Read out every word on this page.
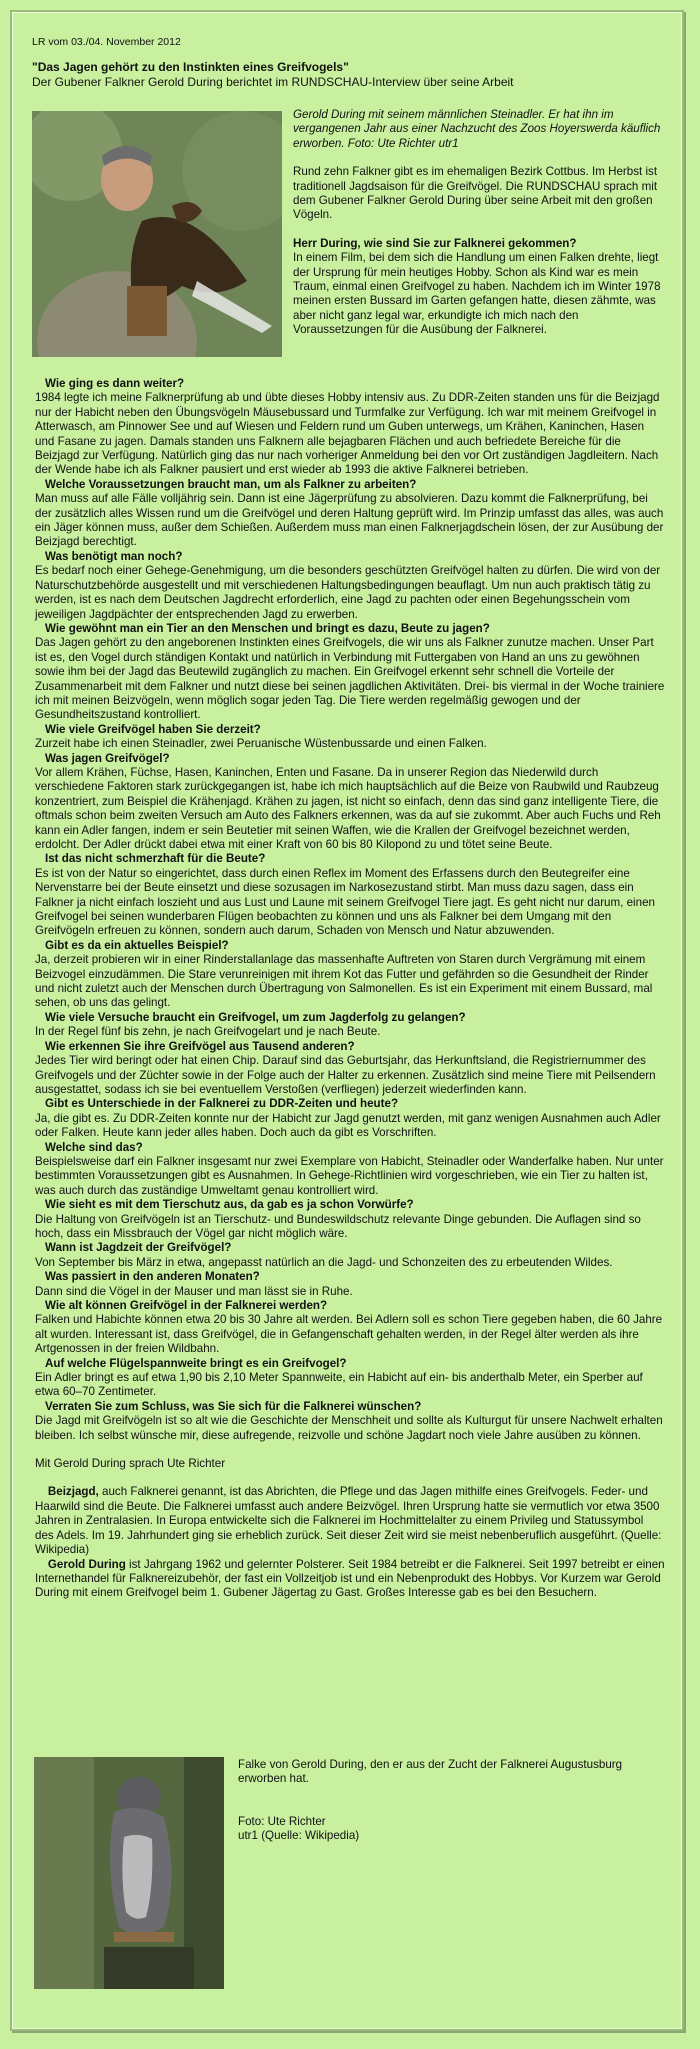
LR vom 03./04. November 2012
"Das Jagen gehört zu den Instinkten eines Greifvogels"
Der Gubener Falkner Gerold During berichtet im RUNDSCHAU-Interview über seine Arbeit

Gerold During mit seinem männlichen Steinadler. Er hat ihn im vergangenen Jahr aus einer Nachzucht des Zoos Hoyerswerda käuflich erworben. Foto: Ute Richter utr1

Rund zehn Falkner gibt es im ehemaligen Bezirk Cottbus. Im Herbst ist traditionell Jagdsaison für die Greifvögel. Die RUNDSCHAU sprach mit dem Gubener Falkner Gerold During über seine Arbeit mit den großen Vögeln.

Herr During, wie sind Sie zur Falknerei gekommen?
In einem Film, bei dem sich die Handlung um einen Falken drehte, liegt der Ursprung für mein heutiges Hobby. Schon als Kind war es mein Traum, einmal einen Greifvogel zu haben. Nachdem ich im Winter 1978 meinen ersten Bussard im Garten gefangen hatte, diesen zähmte, was aber nicht ganz legal war, erkundigte ich mich nach den Voraussetzungen für die Ausübung der Falknerei.
Wie ging es dann weiter?

1984 legte ich meine Falknerprüfung ab und übte dieses Hobby intensiv aus. Zu DDR-Zeiten standen uns für die Beizjagd nur der Habicht neben den Übungsvögeln Mäusebussard und Turmfalke zur Verfügung. Ich war mit meinem Greifvogel in Atterwasch, am Pinnower See und auf Wiesen und Feldern rund um Guben unterwegs, um Krähen, Kaninchen, Hasen und Fasane zu jagen. Damals standen uns Falknern alle bejagbaren Flächen und auch befriedete Bereiche für die Beizjagd zur Verfügung. Natürlich ging das nur nach vorheriger Anmeldung bei den vor Ort zuständigen Jagdleitern. Nach der Wende habe ich als Falkner pausiert und erst wieder ab 1993 die aktive Falknerei betrieben.

Welche Voraussetzungen braucht man, um als Falkner zu arbeiten?

Man muss auf alle Fälle volljährig sein. Dann ist eine Jägerprüfung zu absolvieren. Dazu kommt die Falknerprüfung, bei der zusätzlich alles Wissen rund um die Greifvögel und deren Haltung geprüft wird. Im Prinzip umfasst das alles, was auch ein Jäger können muss, außer dem Schießen. Außerdem muss man einen Falknerjagdschein lösen, der zur Ausübung der Beizjagd berechtigt.

Was benötigt man noch?

Es bedarf noch einer Gehege-Genehmigung, um die besonders geschützten Greifvögel halten zu dürfen. Die wird von der Naturschutzbehörde ausgestellt und mit verschiedenen Haltungsbedingungen beauflagt. Um nun auch praktisch tätig zu werden, ist es nach dem Deutschen Jagdrecht erforderlich, eine Jagd zu pachten oder einen Begehungsschein vom jeweiligen Jagdpächter der entsprechenden Jagd zu erwerben.

Wie gewöhnt man ein Tier an den Menschen und bringt es dazu, Beute zu jagen?

Das Jagen gehört zu den angeborenen Instinkten eines Greifvogels, die wir uns als Falkner zunutze machen. Unser Part ist es, den Vogel durch ständigen Kontakt und natürlich in Verbindung mit Futtergaben von Hand an uns zu gewöhnen sowie ihm bei der Jagd das Beutewild zugänglich zu machen. Ein Greifvogel erkennt sehr schnell die Vorteile der Zusammenarbeit mit dem Falkner und nutzt diese bei seinen jagdlichen Aktivitäten. Drei- bis viermal in der Woche trainiere ich mit meinen Beizvögeln, wenn möglich sogar jeden Tag. Die Tiere werden regelmäßig gewogen und der Gesundheitszustand kontrolliert.

Wie viele Greifvögel haben Sie derzeit?

Zurzeit habe ich einen Steinadler, zwei Peruanische Wüstenbussarde und einen Falken.

Was jagen Greifvögel?

Vor allem Krähen, Füchse, Hasen, Kaninchen, Enten und Fasane. Da in unserer Region das Niederwild durch verschiedene Faktoren stark zurückgegangen ist, habe ich mich hauptsächlich auf die Beize von Raubwild und Raubzeug konzentriert, zum Beispiel die Krähenjagd. Krähen zu jagen, ist nicht so einfach, denn das sind ganz intelligente Tiere, die oftmals schon beim zweiten Versuch am Auto des Falkners erkennen, was da auf sie zukommt. Aber auch Fuchs und Reh kann ein Adler fangen, indem er sein Beutetier mit seinen Waffen, wie die Krallen der Greifvogel bezeichnet werden, erdolcht. Der Adler drückt dabei etwa mit einer Kraft von 60 bis 80 Kilopond zu und tötet seine Beute.

Ist das nicht schmerzhaft für die Beute?

Es ist von der Natur so eingerichtet, dass durch einen Reflex im Moment des Erfassens durch den Beutegreifer eine Nervenstarre bei der Beute einsetzt und diese sozusagen im Narkosezustand stirbt. Man muss dazu sagen, dass ein Falkner ja nicht einfach loszieht und aus Lust und Laune mit seinem Greifvogel Tiere jagt. Es geht nicht nur darum, einen Greifvogel bei seinen wunderbaren Flügen beobachten zu können und uns als Falkner bei dem Umgang mit den Greifvögeln erfreuen zu können, sondern auch darum, Schaden von Mensch und Natur abzuwenden.

Gibt es da ein aktuelles Beispiel?

Ja, derzeit probieren wir in einer Rinderstallanlage das massenhafte Auftreten von Staren durch Vergrämung mit einem Beizvogel einzudämmen. Die Stare verunreinigen mit ihrem Kot das Futter und gefährden so die Gesundheit der Rinder und nicht zuletzt auch der Menschen durch Übertragung von Salmonellen. Es ist ein Experiment mit einem Bussard, mal sehen, ob uns das gelingt.

Wie viele Versuche braucht ein Greifvogel, um zum Jagderfolg zu gelangen?

In der Regel fünf bis zehn, je nach Greifvogelart und je nach Beute.

Wie erkennen Sie ihre Greifvögel aus Tausend anderen?

Jedes Tier wird beringt oder hat einen Chip. Darauf sind das Geburtsjahr, das Herkunftsland, die Registriernummer des Greifvogels und der Züchter sowie in der Folge auch der Halter zu erkennen. Zusätzlich sind meine Tiere mit Peilsendern ausgestattet, sodass ich sie bei eventuellem Verstoßen (verfliegen) jederzeit wiederfinden kann.

Gibt es Unterschiede in der Falknerei zu DDR-Zeiten und heute?

Ja, die gibt es. Zu DDR-Zeiten konnte nur der Habicht zur Jagd genutzt werden, mit ganz wenigen Ausnahmen auch Adler oder Falken. Heute kann jeder alles haben. Doch auch da gibt es Vorschriften.

Welche sind das?

Beispielsweise darf ein Falkner insgesamt nur zwei Exemplare von Habicht, Steinadler oder Wanderfalke haben. Nur unter bestimmten Voraussetzungen gibt es Ausnahmen. In Gehege-Richtlinien wird vorgeschrieben, wie ein Tier zu halten ist, was auch durch das zuständige Umweltamt genau kontrolliert wird.

Wie sieht es mit dem Tierschutz aus, da gab es ja schon Vorwürfe?

Die Haltung von Greifvögeln ist an Tierschutz- und Bundeswildschutz relevante Dinge gebunden. Die Auflagen sind so hoch, dass ein Missbrauch der Vögel gar nicht möglich wäre.

Wann ist Jagdzeit der Greifvögel?

Von September bis März in etwa, angepasst natürlich an die Jagd- und Schonzeiten des zu erbeutenden Wildes.

Was passiert in den anderen Monaten?

Dann sind die Vögel in der Mauser und man lässt sie in Ruhe.

Wie alt können Greifvögel in der Falknerei werden?

Falken und Habichte können etwa 20 bis 30 Jahre alt werden. Bei Adlern soll es schon Tiere gegeben haben, die 60 Jahre alt wurden. Interessant ist, dass Greifvögel, die in Gefangenschaft gehalten werden, in der Regel älter werden als ihre Artgenossen in der freien Wildbahn.

Auf welche Flügelspannweite bringt es ein Greifvogel?

Ein Adler bringt es auf etwa 1,90 bis 2,10 Meter Spannweite, ein Habicht auf ein- bis anderthalb Meter, ein Sperber auf etwa 60–70 Zentimeter.

Verraten Sie zum Schluss, was Sie sich für die Falknerei wünschen?

Die Jagd mit Greifvögeln ist so alt wie die Geschichte der Menschheit und sollte als Kulturgut für unsere Nachwelt erhalten bleiben. Ich selbst wünsche mir, diese aufregende, reizvolle und schöne Jagdart noch viele Jahre ausüben zu können.

Mit Gerold During sprach Ute Richter

Beizjagd, auch Falknerei genannt, ist das Abrichten, die Pflege und das Jagen mithilfe eines Greifvogels. Feder- und Haarwild sind die Beute. Die Falknerei umfasst auch andere Beizvögel. Ihren Ursprung hatte sie vermutlich vor etwa 3500 Jahren in Zentralasien. In Europa entwickelte sich die Falknerei im Hochmittelalter zu einem Privileg und Statussymbol des Adels. Im 19. Jahrhundert ging sie erheblich zurück. Seit dieser Zeit wird sie meist nebenberuflich ausgeführt. (Quelle: Wikipedia)

Gerold During ist Jahrgang 1962 und gelernter Polsterer. Seit 1984 betreibt er die Falknerei. Seit 1997 betreibt er einen Internethandel für Falknereizubehör, der fast ein Vollzeitjob ist und ein Nebenprodukt des Hobbys. Vor Kurzem war Gerold During mit einem Greifvogel beim 1. Gubener Jägertag zu Gast. Großes Interesse gab es bei den Besuchern.

Falke von Gerold During, den er aus der Zucht der Falknerei Augustusburg erworben hat.

Foto: Ute Richter
utr1 (Quelle: Wikipedia)
